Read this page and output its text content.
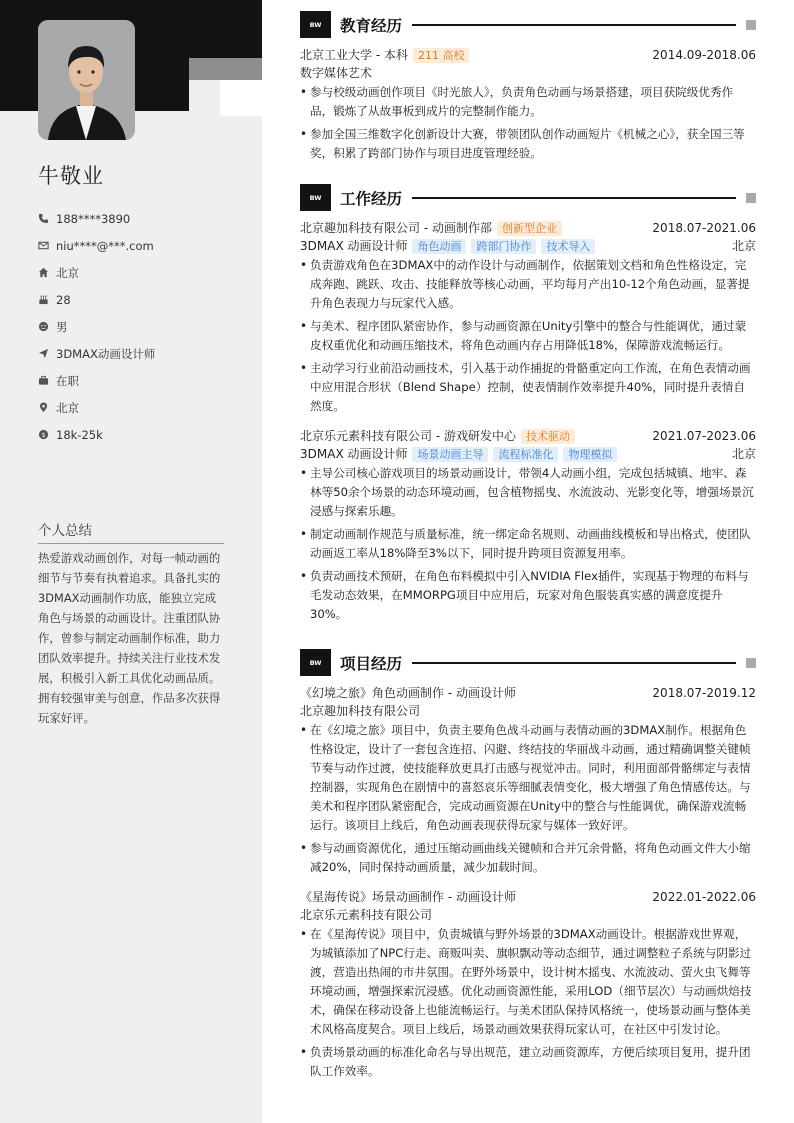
牛敬业
188****3890
niu****@***.com
北京
28
男
3DMAX动画设计师
在职
北京
$ 18k-25k
个人总结
热爱游戏动画创作，对每一帧动画的细节与节奏有执着追求。具备扎实的3DMAX动画制作功底，能独立完成角色与场景的动画设计。注重团队协作，曾参与制定动画制作标准，助力团队效率提升。持续关注行业技术发展，积极引入新工具优化动画品质。拥有较强审美与创意，作品多次获得玩家好评。
BW	教育经历
北京工业大学 - 本科 211 高校	2014.09-2018.06
数字媒体艺术
• 参与校级动画创作项目《时光旅人》，负责角色动画与场景搭建，项目获院级优秀作品，锻炼了从故事板到成片的完整制作能力。
• 参加全国三维数字化创新设计大赛，带领团队创作动画短片《机械之心》，获全国三等奖，积累了跨部门协作与项目进度管理经验。
BW	工作经历
北京趣加科技有限公司 - 动画制作部 创新型企业	2018.07-2021.06
3DMAX 动画设计师 角色动画	跨部门协作	技术导入	北京
• 负责游戏角色在3DMAX中的动作设计与动画制作，依据策划文档和角色性格设定，完成奔跑、跳跃、攻击、技能释放等核心动画，平均每月产出10-12个角色动画，显著提升角色表现力与玩家代入感。
• 与美术、程序团队紧密协作，参与动画资源在Unity引擎中的整合与性能调优，通过蒙皮权重优化和动画压缩技术，将角色动画内存占用降低18%，保障游戏流畅运行。
• 主动学习行业前沿动画技术，引入基于动作捕捉的骨骼重定向工作流，在角色表情动画中应用混合形状（Blend Shape）控制，使表情制作效率提升40%，同时提升表情自然度。
北京乐元素科技有限公司 - 游戏研发中心 技术驱动	2021.07-2023.06
3DMAX 动画设计师 场景动画主导	流程标准化	物理模拟	北京
• 主导公司核心游戏项目的场景动画设计，带领4人动画小组，完成包括城镇、地牢、森林等50余个场景的动态环境动画，包含植物摇曳、水流波动、光影变化等，增强场景沉浸感与探索乐趣。
• 制定动画制作规范与质量标准，统一绑定命名规则、动画曲线模板和导出格式，使团队动画返工率从18%降至3%以下，同时提升跨项目资源复用率。
• 负责动画技术预研，在角色布料模拟中引入NVIDIA Flex插件，实现基于物理的布料与毛发动态效果，在MMORPG项目中应用后，玩家对角色服装真实感的满意度提升30%。
BW	项目经历
《幻境之旅》角色动画制作 - 动画设计师	2018.07-2019.12
北京趣加科技有限公司
• 在《幻境之旅》项目中，负责主要角色战斗动画与表情动画的3DMAX制作。根据角色性格设定，设计了一套包含连招、闪避、终结技的华丽战斗动画，通过精确调整关键帧节奏与动作过渡，使技能释放更具打击感与视觉冲击。同时，利用面部骨骼绑定与表情控制器，实现角色在剧情中的喜怒哀乐等细腻表情变化，极大增强了角色情感传达。与美术和程序团队紧密配合，完成动画资源在Unity中的整合与性能调优，确保游戏流畅运行。该项目上线后，角色动画表现获得玩家与媒体一致好评。
• 参与动画资源优化，通过压缩动画曲线关键帧和合并冗余骨骼，将角色动画文件大小缩减20%，同时保持动画质量，减少加载时间。
《星海传说》场景动画制作 - 动画设计师	2022.01-2022.06
北京乐元素科技有限公司
• 在《星海传说》项目中，负责城镇与野外场景的3DMAX动画设计。根据游戏世界观，为城镇添加了NPC行走、商贩叫卖、旗帜飘动等动态细节，通过调整粒子系统与阴影过渡，营造出热闹的市井氛围。在野外场景中，设计树木摇曳、水流波动、萤火虫飞舞等环境动画，增强探索沉浸感。优化动画资源性能，采用LOD（细节层次）与动画烘焙技术，确保在移动设备上也能流畅运行。与美术团队保持风格统一，使场景动画与整体美术风格高度契合。项目上线后，场景动画效果获得玩家认可，在社区中引发讨论。
• 负责场景动画的标准化命名与导出规范，建立动画资源库，方便后续项目复用，提升团队工作效率。
